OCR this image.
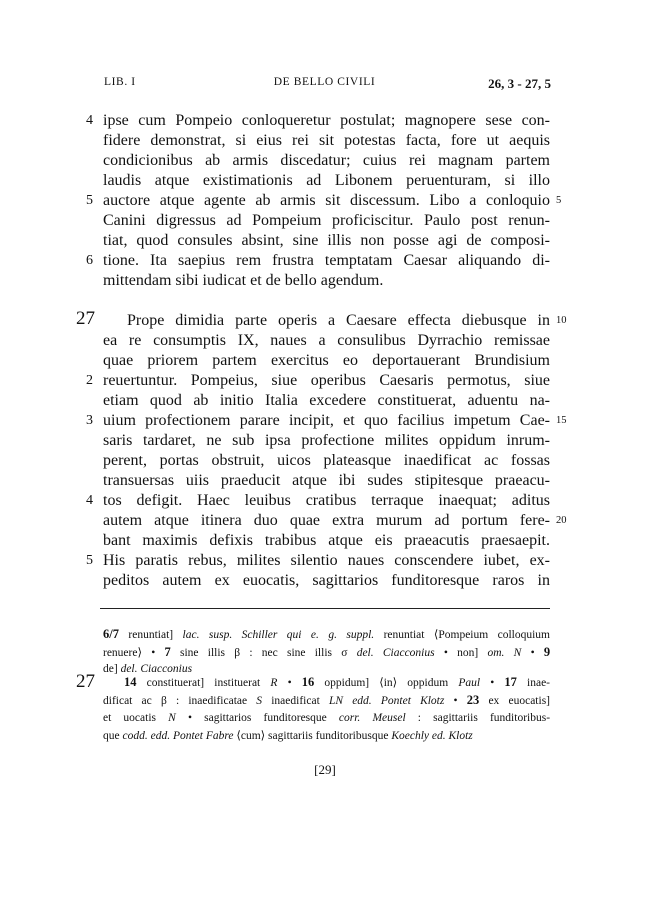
LIB. I	DE BELLO CIVILI	26, 3 - 27, 5
4
5
6
27
2
3
4
5
5
10
15
20
ipse cum Pompeio conloqueretur postulat; magnopere sese con-
fidere demonstrat, si eius rei sit potestas facta, fore ut aequis
condicionibus ab armis discedatur; cuius rei magnam partem
laudis atque existimationis ad Libonem peruenturam, si illo
auctore atque agente ab armis sit discessum. Libo a conloquio
Canini digressus ad Pompeium proficiscitur. Paulo post renun-
tiat, quod consules absint, sine illis non posse agi de composi-
tione. Ita saepius rem frustra temptatam Caesar aliquando di-
mittendam sibi iudicat et de bello agendum.
Prope dimidia parte operis a Caesare effecta diebusque in
ea re consumptis IX, naues a consulibus Dyrrachio remissae
quae priorem partem exercitus eo deportauerant Brundisium
reuertuntur. Pompeius, siue operibus Caesaris permotus, siue
etiam quod ab initio Italia excedere constituerat, aduentu na-
uium profectionem parare incipit, et quo facilius impetum Cae-
saris tardaret, ne sub ipsa profectione milites oppidum inrum-
perent, portas obstruit, uicos plateasque inaedificat ac fossas
transuersas uiis praeducit atque ibi sudes stipitesque praeacu-
tos defigit. Haec leuibus cratibus terraque inaequat; aditus
autem atque itinera duo quae extra murum ad portum fere-
bant maximis defixis trabibus atque eis praeacutis praesaepit.
His paratis rebus, milites silentio naues conscendere iubet, ex-
peditos autem ex euocatis, sagittarios funditoresque raros in
6/7 renuntiat] lac. susp. Schiller qui e. g. suppl. renuntiat ⟨Pompeium colloquium
renuere⟩ • 7 sine illis β : nec sine illis σ del. Ciacconius • non] om. N • 9
de] del. Ciacconius
27 14 constituerat] instituerat R • 16 oppidum] ⟨in⟩ oppidum Paul • 17 inae-
dificat ac β : inaedificatae S inaedificat LN edd. Pontet Klotz • 23 ex euocatis]
et uocatis N • sagittarios funditoresque corr. Meusel : sagittariis funditoribus-
que codd. edd. Pontet Fabre ⟨cum⟩ sagittariis funditoribusque Koechly ed. Klotz
[29]
